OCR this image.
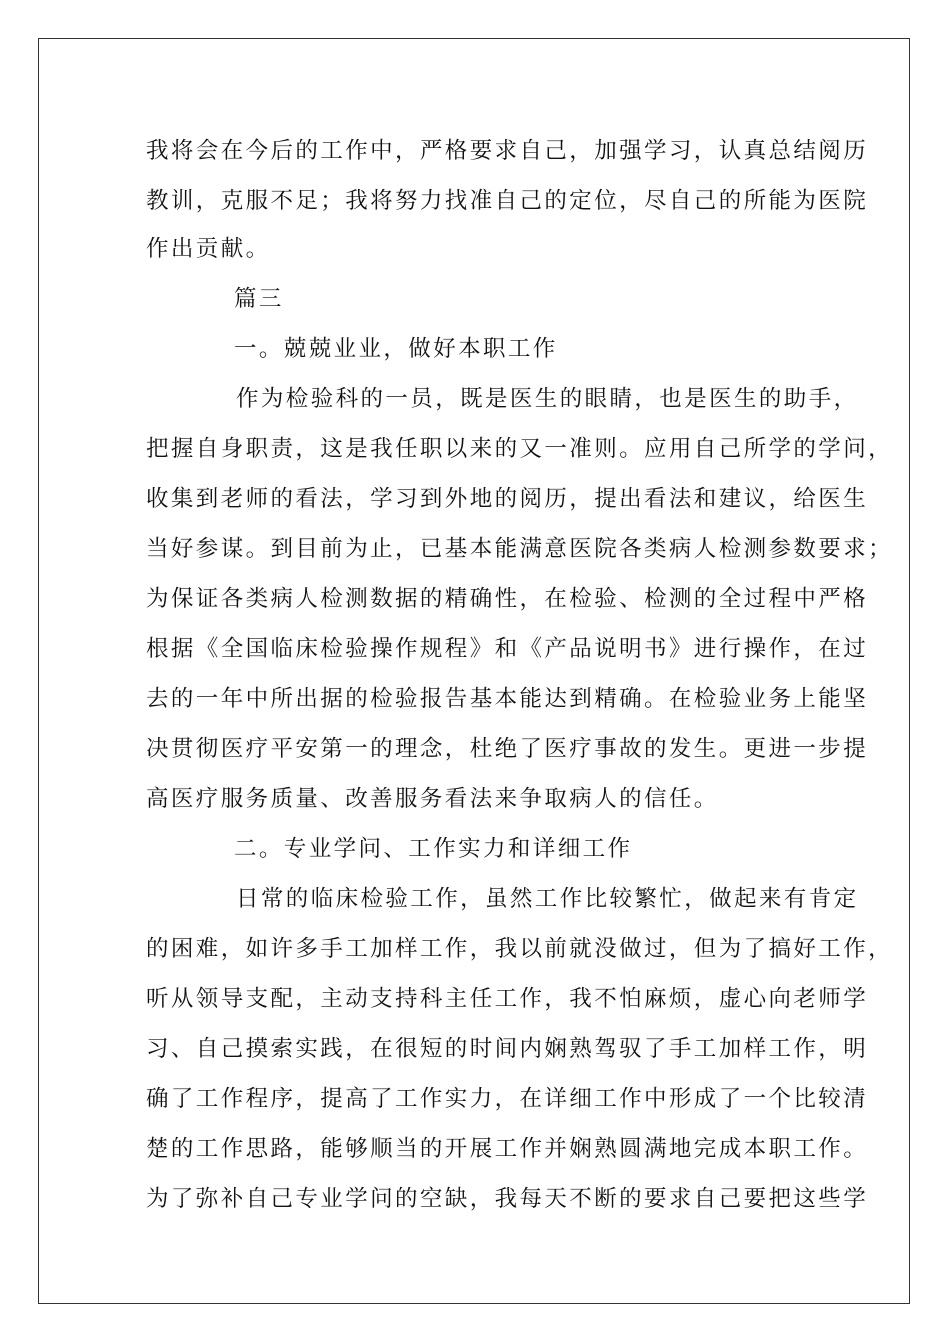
我将会在今后的工作中，严格要求自己，加强学习，认真总结阅历
教训，克服不足；我将努力找准自己的定位，尽自己的所能为医院
作出贡献。
篇三
一。兢兢业业，做好本职工作
作为检验科的一员，既是医生的眼睛，也是医生的助手，
把握自身职责，这是我任职以来的又一准则。应用自己所学的学问，
收集到老师的看法，学习到外地的阅历，提出看法和建议，给医生
当好参谋。到目前为止，已基本能满意医院各类病人检测参数要求；
为保证各类病人检测数据的精确性，在检验、检测的全过程中严格
根据《全国临床检验操作规程》和《产品说明书》进行操作，在过
去的一年中所出据的检验报告基本能达到精确。在检验业务上能坚
决贯彻医疗平安第一的理念，杜绝了医疗事故的发生。更进一步提
高医疗服务质量、改善服务看法来争取病人的信任。
二。专业学问、工作实力和详细工作
日常的临床检验工作，虽然工作比较繁忙，做起来有肯定
的困难，如许多手工加样工作，我以前就没做过，但为了搞好工作，
听从领导支配，主动支持科主任工作，我不怕麻烦，虚心向老师学
习、自己摸索实践，在很短的时间内娴熟驾驭了手工加样工作，明
确了工作程序，提高了工作实力，在详细工作中形成了一个比较清
楚的工作思路，能够顺当的开展工作并娴熟圆满地完成本职工作。
为了弥补自己专业学问的空缺，我每天不断的要求自己要把这些学
